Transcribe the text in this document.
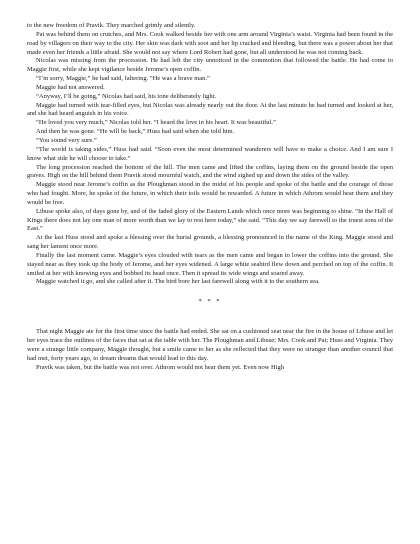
to the new freedom of Pravik. They marched grimly and silently.

Pat was behind them on crutches, and Mrs. Cook walked beside her with one arm around Virginia’s waist. Virginia had been found in the road by villagers on their way to the city. Her skin was dark with soot and her lip cracked and bleeding, but there was a power about her that made even her friends a little afraid. She would not say where Lord Robert had gone, but all understood he was not coming back.

Nicolas was missing from the procession. He had left the city unnoticed in the commotion that followed the battle. He had come to Maggie first, while she kept vigilance beside Jerome’s open coffin.

“I’m sorry, Maggie,” he had said, faltering. “He was a brave man.”

Maggie had not answered.

“Anyway, I’ll be going,” Nicolas had said, his tone deliberately light.

Maggie had turned with tear-filled eyes, but Nicolas was already nearly out the door. At the last minute he had turned and looked at her, and she had heard anguish in his voice.

“He loved you very much,” Nicolas told her. “I heard the love in his heart. It was beautiful.”

And then he was gone. “He will be back,” Huss had said when she told him.

“You sound very sure.”

“The world is taking sides,” Huss had said. “Soon even the most determined wanderers will have to make a choice. And I am sure I know what side he will choose to take.”

The long procession reached the bottom of the hill. The men came and lifted the coffins, laying them on the ground beside the open graves. High on the hill behind them Pravik stood mournful watch, and the wind sighed up and down the sides of the valley.

Maggie stood near Jerome’s coffin as the Ploughman stood in the midst of his people and spoke of the battle and the courage of those who had fought. More, he spoke of the future, in which their toils would be rewarded. A future in which Athrom would hear them and they would be free.

Libuse spoke also, of days gone by, and of the faded glory of the Eastern Lands which once more was beginning to shine. “In the Hall of Kings there does not lay one man of more worth than we lay to rest here today,” she said. “This day we say farewell to the truest sons of the East.”

At the last Huss stood and spoke a blessing over the burial grounds, a blessing pronounced in the name of the King. Maggie stood and sang her lament once more.

Finally the last moment came. Maggie’s eyes clouded with tears as the men came and began to lower the coffins into the ground. She stayed near as they took up the body of Jerome, and her eyes widened. A large white seabird flew down and perched on top of the coffin. It smiled at her with knowing eyes and bobbed its head once. Then it spread its wide wings and soared away.

Maggie watched it go, and she called after it. The bird bore her last farewell along with it to the southern sea.

* * *

That night Maggie ate for the first time since the battle had ended. She sat on a cushioned seat near the fire in the house of Libuse and let her eyes trace the outlines of the faces that sat at the table with her. The Ploughman and Libuse; Mrs. Cook and Pat; Huss and Virginia. They were a strange little company, Maggie thought, but a smile came to her as she reflected that they were no stranger than another council that had met, forty years ago, to dream dreams that would lead to this day.

Pravik was taken, but the battle was not over. Athrom would not hear them yet. Even now High
